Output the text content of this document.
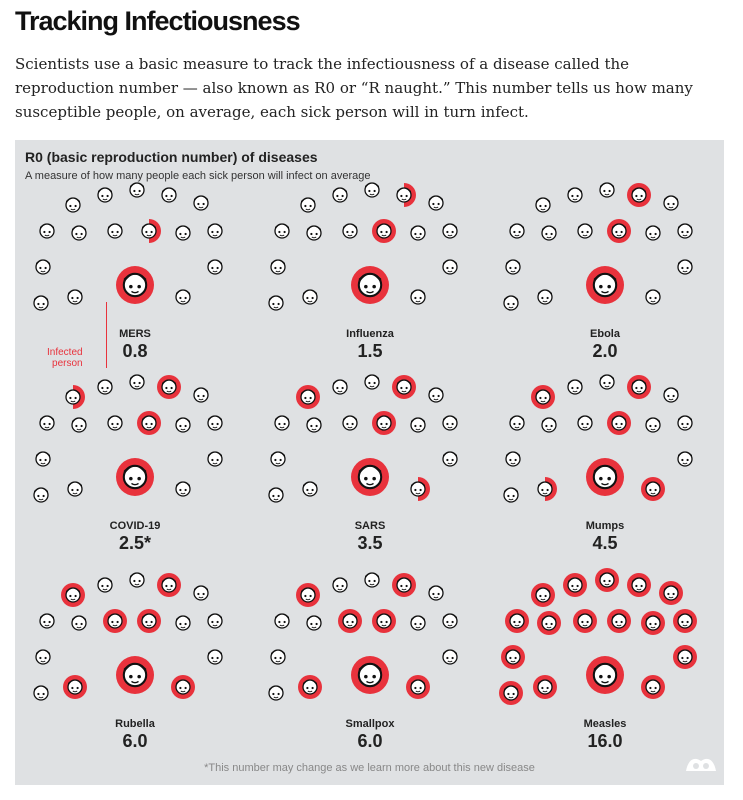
Tracking Infectiousness

Scientists use a basic measure to track the infectiousness of a disease called the reproduction number — also known as R0 or “R naught.” This number tells us how many susceptible people, on average, each sick person will in turn infect.

R0 (basic reproduction number) of diseases
A measure of how many people each sick person will infect on average
MERS
0.8
Influenza
1.5
Ebola
2.0
COVID-19
2.5*
SARS
3.5
Mumps
4.5
Rubella
6.0
Smallpox
6.0
Measles
16.0
Infected
person
*This number may change as we learn more about this new disease
